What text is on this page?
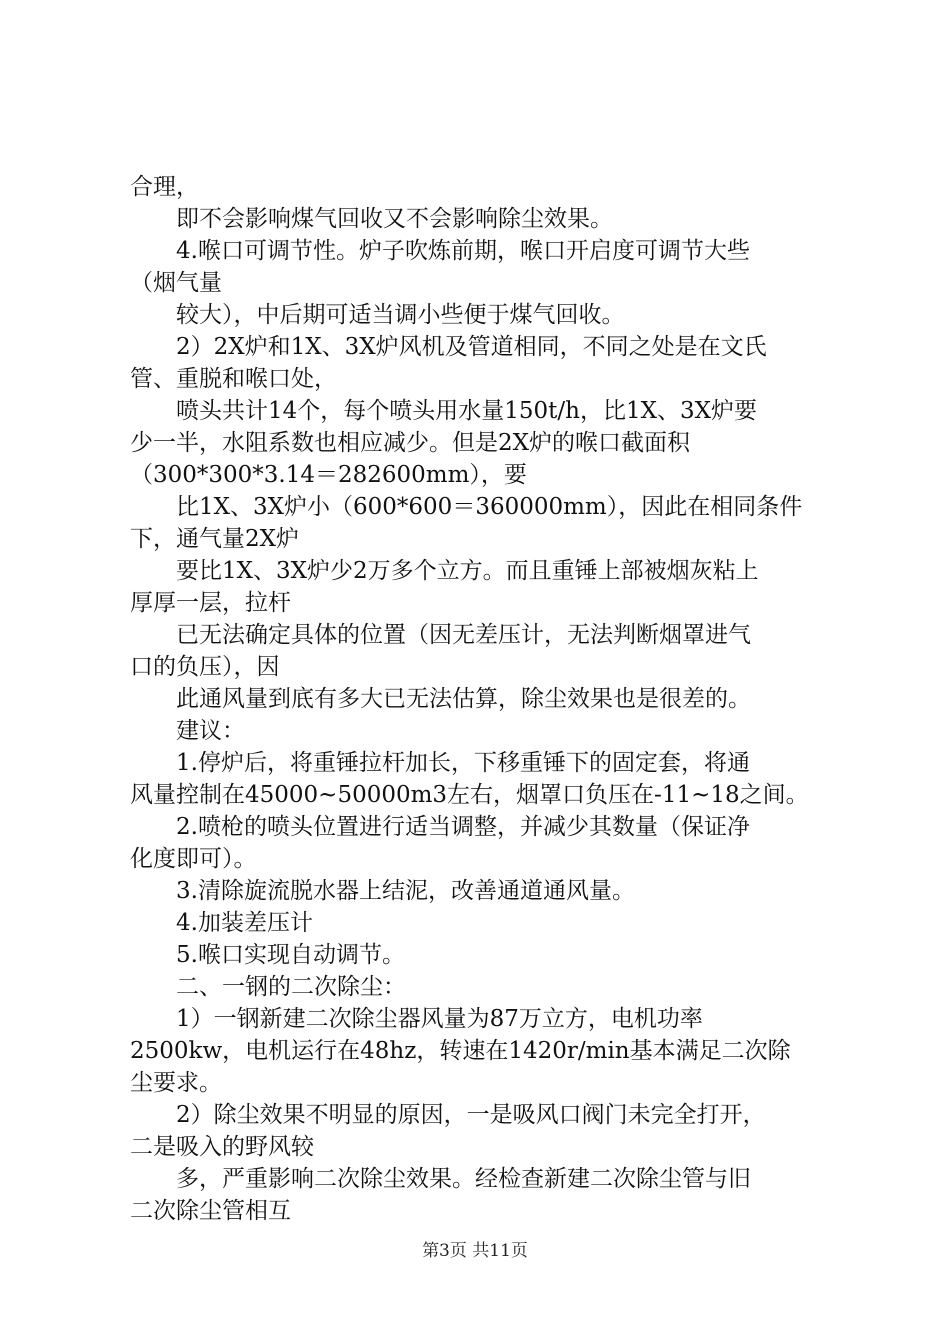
合理，
　　即不会影响煤气回收又不会影响除尘效果。
　　4.喉口可调节性。炉子吹炼前期，喉口开启度可调节大些
（烟气量
　　较大），中后期可适当调小些便于煤气回收。
　　2）2X炉和1X、3X炉风机及管道相同，不同之处是在文氏
管、重脱和喉口处，
　　喷头共计14个，每个喷头用水量150t/h，比1X、3X炉要
少一半，水阻系数也相应减少。但是2X炉的喉口截面积
（300*300*3.14＝282600mm），要
　　比1X、3X炉小（600*600＝360000mm），因此在相同条件
下，通气量2X炉
　　要比1X、3X炉少2万多个立方。而且重锤上部被烟灰粘上
厚厚一层，拉杆
　　已无法确定具体的位置（因无差压计，无法判断烟罩进气
口的负压），因
　　此通风量到底有多大已无法估算，除尘效果也是很差的。
　　建议：
　　1.停炉后，将重锤拉杆加长，下移重锤下的固定套，将通
风量控制在45000~50000m3左右，烟罩口负压在-11~18之间。
　　2.喷枪的喷头位置进行适当调整，并减少其数量（保证净
化度即可）。
　　3.清除旋流脱水器上结泥，改善通道通风量。
　　4.加装差压计
　　5.喉口实现自动调节。
　　二、一钢的二次除尘：
　　1）一钢新建二次除尘器风量为87万立方，电机功率
2500kw，电机运行在48hz，转速在1420r/min基本满足二次除
尘要求。
　　2）除尘效果不明显的原因，一是吸风口阀门未完全打开，
二是吸入的野风较
　　多，严重影响二次除尘效果。经检查新建二次除尘管与旧
二次除尘管相互
第3页 共11页
